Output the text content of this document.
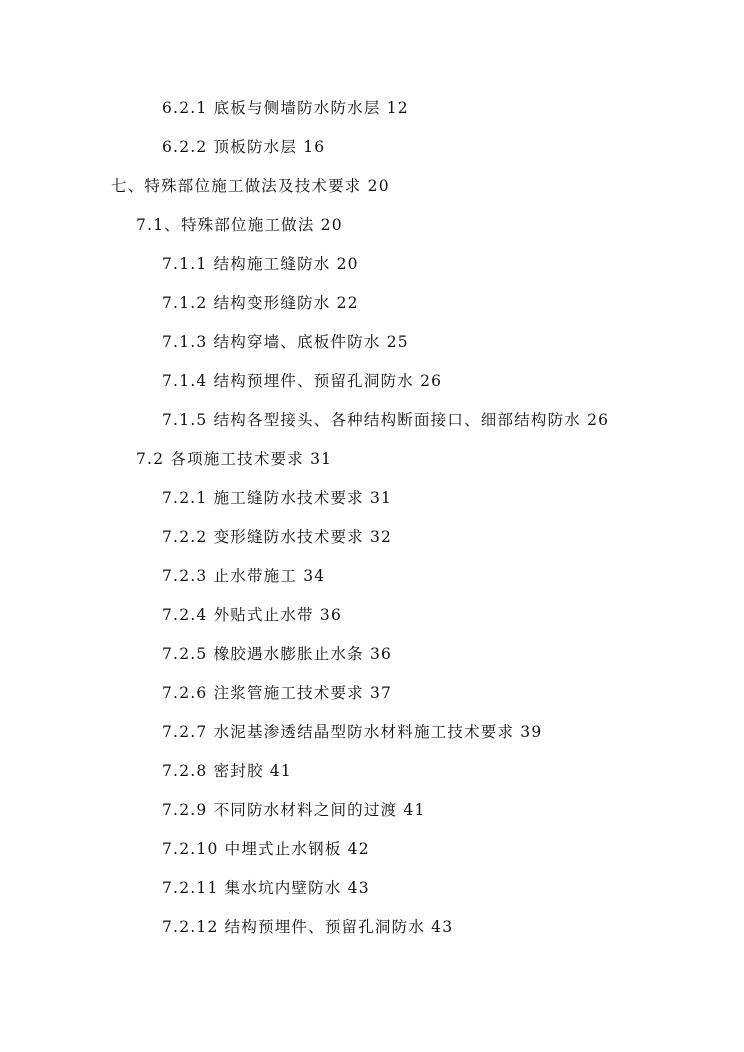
6.2.1 底板与侧墙防水防水层 12
6.2.2 顶板防水层 16
七、特殊部位施工做法及技术要求 20
7.1、特殊部位施工做法 20
7.1.1 结构施工缝防水 20
7.1.2 结构变形缝防水 22
7.1.3 结构穿墙、底板件防水 25
7.1.4 结构预埋件、预留孔洞防水 26
7.1.5 结构各型接头、各种结构断面接口、细部结构防水 26
7.2 各项施工技术要求 31
7.2.1 施工缝防水技术要求 31
7.2.2 变形缝防水技术要求 32
7.2.3 止水带施工 34
7.2.4 外贴式止水带 36
7.2.5 橡胶遇水膨胀止水条 36
7.2.6 注浆管施工技术要求 37
7.2.7 水泥基渗透结晶型防水材料施工技术要求 39
7.2.8 密封胶 41
7.2.9 不同防水材料之间的过渡 41
7.2.10 中埋式止水钢板 42
7.2.11 集水坑内壁防水 43
7.2.12 结构预埋件、预留孔洞防水 43
